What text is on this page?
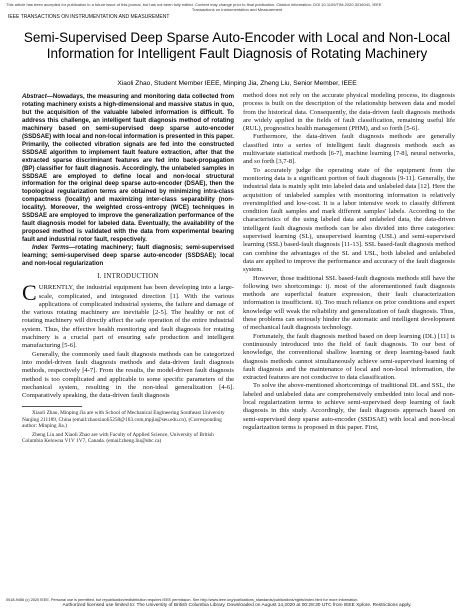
This article has been accepted for publication in a future issue of this journal, but has not been fully edited. Content may change prior to final publication. Citation information: DOI 10.1109/TIM.2020.3016041, IEEE
Transactions on Instrumentation and Measurement
IEEE TRANSACTIONS ON INSTRUMENTATION AND MEASUREMENT
Semi-Supervised Deep Sparse Auto-Encoder with Local and Non-Local Information for Intelligent Fault Diagnosis of Rotating Machinery
Xiaoli Zhao, Student Member IEEE, Minping Jia, Zheng Liu, Senior Member, IEEE

Abstract—Nowadays, the measuring and monitoring data collected from rotating machinery exists a high-dimensional and massive status in quo, but the acquisition of the valuable labeled information is difficult. To address this challenge, an intelligent fault diagnosis method of rotating machinery based on semi-supervised deep sparse auto-encoder (SSDSAE) with local and non-local information is presented in this paper. Primarily, the collected vibration signals are fed into the constructed SSDSAE algorithm to implement fault feature extraction, after that the extracted sparse discriminant features are fed into back-propagation (BP) classifier for fault diagnosis. Accordingly, the unlabeled samples in SSDSAE are employed to define local and non-local structural information for the original deep sparse auto-encoder (DSAE), then the topological regularization terms are obtained by minimizing intra-class compactness (locality) and maximizing inter-class separability (non-locality). Moreover, the weighted cross-entropy (WCE) techniques in SSDSAE are employed to improve the generalization performance of the fault diagnosis model for labeled data. Eventually, the availability of the proposed method is validated with the data from experimental bearing fault and industrial rotor fault, respectively.

Index Terms—rotating machinery; fault diagnosis; semi-supervised learning; semi-supervised deep sparse auto-encoder (SSDSAE); local and non-local regularization

I. INTRODUCTION

CURRENTLY, the industrial equipment has been developing into a large-scale, complicated, and integrated direction [1]. With the various applications of complicated industrial systems, the failure and damage of the various rotating machinery are inevitable [2-5]. The healthy or not of rotating machinery will directly affect the safe operation of the entire industrial system. Thus, the effective health monitoring and fault diagnosis for rotating machinery is a crucial part of ensuring safe production and intelligent manufacturing [5-6].

Generally, the commonly used fault diagnosis methods can be categorized into model-driven fault diagnosis methods and data-driven fault diagnosis methods, respectively [4-7]. From the results, the model-driven fault diagnosis method is too complicated and applicable to some specific parameters of the mechanical system, resulting in the non-ideal generalization [4-6]. Comparatively speaking, the data-driven fault diagnosis

Xiaoli Zhao, Minping Jia are with School of Mechanical Engineering Southeast University Nanjing 211189, China (email:zhaoxiaoli5258@163.com,mpjia@seu.edu.cn), (Corresponding author: Minping Jia.)

Zheng Liu and Xiaoli Zhao are with Faculty of Applied Science, University of British Columbia Kelowna V1V 1V7, Canada. (email:zheng.liu@ubc.ca)

method does not rely on the accurate physical modeling process, its diagnosis process is built on the description of the relationship between data and model from the historical data. Consequently, the data-driven fault diagnosis methods are widely applied in the fields of fault classification, remaining useful life (RUL), prognostics health management (PHM), and so forth [5-6].

Furthermore, the data-driven fault diagnosis methods are generally classified into a series of intelligent fault diagnosis methods such as multivariate statistical methods [6-7], machine learning [7-8], neural networks, and so forth [3,7-8].

To accurately judge the operating state of the equipment from the monitoring data is a significant portion of fault diagnosis [9-11]. Generally, the industrial data is mainly split into labeled data and unlabeled data [12]. Here the acquisition of unlabeled samples with monitoring information is relatively oversimplified and low-cost. It is a labor intensive work to classify different condition fault samples and mark different samples' labels. According to the characteristics of the using labeled data and unlabeled data, the data-driven intelligent fault diagnosis methods can be also divided into three categories: supervised learning (SL), unsupervised learning (USL) and semi-supervised learning (SSL) based-fault diagnosis [11-13]. SSL based-fault diagnosis method can combine the advantages of the SL and USL, both labeled and unlabeled data are applied to improve the performance and accuracy of the fault diagnosis system.

However, those traditional SSL based-fault diagnosis methods still have the following two shortcomings: i). most of the aforementioned fault diagnosis methods are superficial feature expression, their fault characterization information is insufficient. ii). Too much reliance on prior conditions and expert knowledge will weak the reliability and generalization of fault diagnosis. Thus, these problems can seriously hinder the automatic and intelligent development of mechanical fault diagnosis technology.

Fortunately, the fault diagnosis method based on deep learning (DL) [11] is continuously introduced into the field of fault diagnosis. To our best of knowledge, the conventional shallow learning or deep learning-based fault diagnosis methods cannot simultaneously achieve semi-supervised learning of fault diagnosis and the maintenance of local and non-local information, the extracted features are not conducive to data classification.

To solve the above-mentioned shortcomings of traditional DL and SSL, the labeled and unlabeled data are comprehensively embedded into local and non-local regularization terms to achieve semi-supervised deep learning of fault diagnosis in this study. Accordingly, the fault diagnosis approach based on semi-supervised deep sparse auto-encoder (SSDSAE) with local and non-local regularization terms is proposed in this paper. First,

0018-9456 (c) 2020 IEEE. Personal use is permitted, but republication/redistribution requires IEEE permission. See http://www.ieee.org/publications_standards/publications/rights/index.html for more information.
Authorized licensed use limited to: The University of British Columbia Library. Downloaded on August 14,2020 at 00:28:30 UTC from IEEE Xplore. Restrictions apply.
